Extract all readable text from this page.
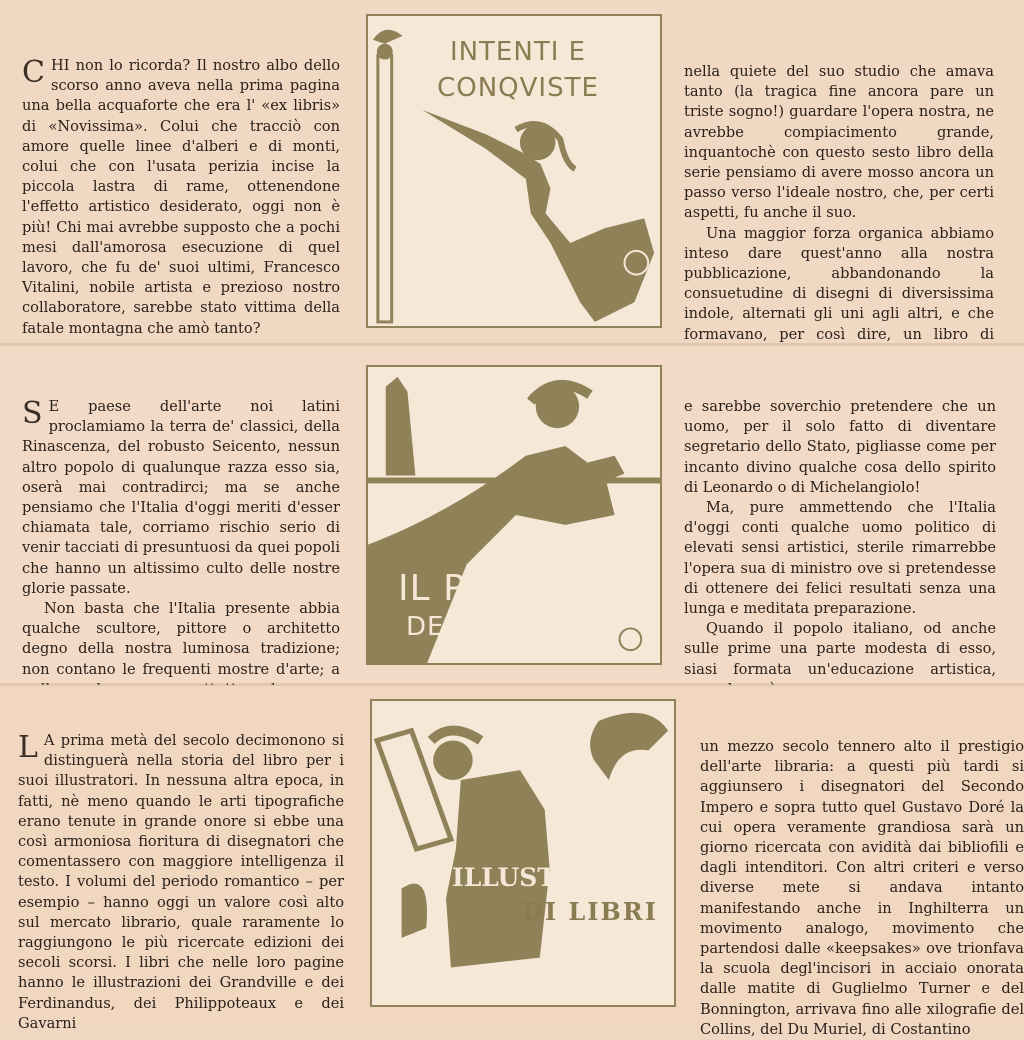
CHI non lo ricorda? Il nostro albo dello scorso anno aveva nella prima pagina una bella acquaforte che era l' «ex libris» di «Novissima». Colui che tracciò con amore quelle linee d'alberi e di monti, colui che con l'usata perizia incise la piccola lastra di rame, ottenendone l'effetto artistico desiderato, oggi non è più! Chi mai avrebbe supposto che a pochi mesi dall'amorosa esecuzione di quel lavoro, che fu de' suoi ultimi, Francesco Vitalini, nobile artista e prezioso nostro collaboratore, sarebbe stato vittima della fatale montagna che amò tanto?

INTENTI E
CONQVISTE

nella quiete del suo studio che amava tanto (la tragica fine ancora pare un triste sogno!) guardare l'opera nostra, ne avrebbe compiacimento grande, inquantochè con questo sesto libro della serie pensiamo di avere mosso ancora un passo verso l'ideale nostro, che, per certi aspetti, fu anche il suo.

Una maggior forza organica abbiamo inteso dare quest'anno alla nostra pubblicazione, abbandonando la consuetudine di disegni di diversissima indole, alternati gli uni agli altri, e che formavano, per così dire, un libro di

S E paese dell'arte noi latini proclamiamo la terra de' classici, della Rinascenza, del robusto Seicento, nessun altro popolo di qualunque razza esso sia, oserà mai contradirci; ma se anche pensiamo che l'Italia d'oggi meriti d'esser chiamata tale, corriamo rischio serio di venir tacciati di presuntuosi da quei popoli che hanno un altissimo culto delle nostre glorie passate.

Non basta che l'Italia presente abbia qualche scultore, pittore o architetto degno della nostra luminosa tradizione; non contano le frequenti mostre d'arte; a

IL PAESE
DELL'ARTE

e sarebbe soverchio pretendere che un uomo, per il solo fatto di diventare segretario dello Stato, pigliasse come per incanto divino qualche cosa dello spirito di Leonardo o di Michelangiolo!

Ma, pure ammettendo che l'Italia d'oggi conti qualche uomo politico di elevati sensi artistici, sterile rimarrebbe l'opera sua di ministro ove si pretendesse di ottenere dei felici resultati senza una lunga e meditata preparazione.

Quando il popolo italiano, od anche sulle prime una parte modesta di esso, siasi formata un'educazione artistica,

L A prima metà del secolo decimonono si distinguerà nella storia del libro per i suoi illustratori. In nessuna altra epoca, in fatti, nè meno quando le arti tipografiche erano tenute in grande onore si ebbe una così armoniosa fioritura di disegnatori che comentassero con maggiore intelligenza il testo. I volumi del periodo romantico – per esempio – hanno oggi un valore così alto sul mercato librario, quale raramente lo raggiungono le più ricercate edizioni dei secoli scorsi. I libri che nelle loro pagine hanno le illustrazioni dei Grandville e dei Ferdinandus, dei Philippoteaux e dei Gavarni

ILLUSTRATORI
DI LIBRI

un mezzo secolo tennero alto il prestigio dell'arte libraria: a questi più tardi si aggiunsero i disegnatori del Secondo Impero e sopra tutto quel Gustavo Doré la cui opera veramente grandiosa sarà un giorno ricercata con avidità dai bibliofili e dagli intenditori. Con altri criteri e verso diverse mete si andava intanto manifestando anche in Inghilterra un movimento analogo, movimento che partendosi dalle «keepsakes» ove trionfava la scuola degl'incisori in acciaio onorata dalle matite di Guglielmo Turner e del Bonnington, arrivava fino alle xilografie del Collins, del Du Muriel, di Costantino
